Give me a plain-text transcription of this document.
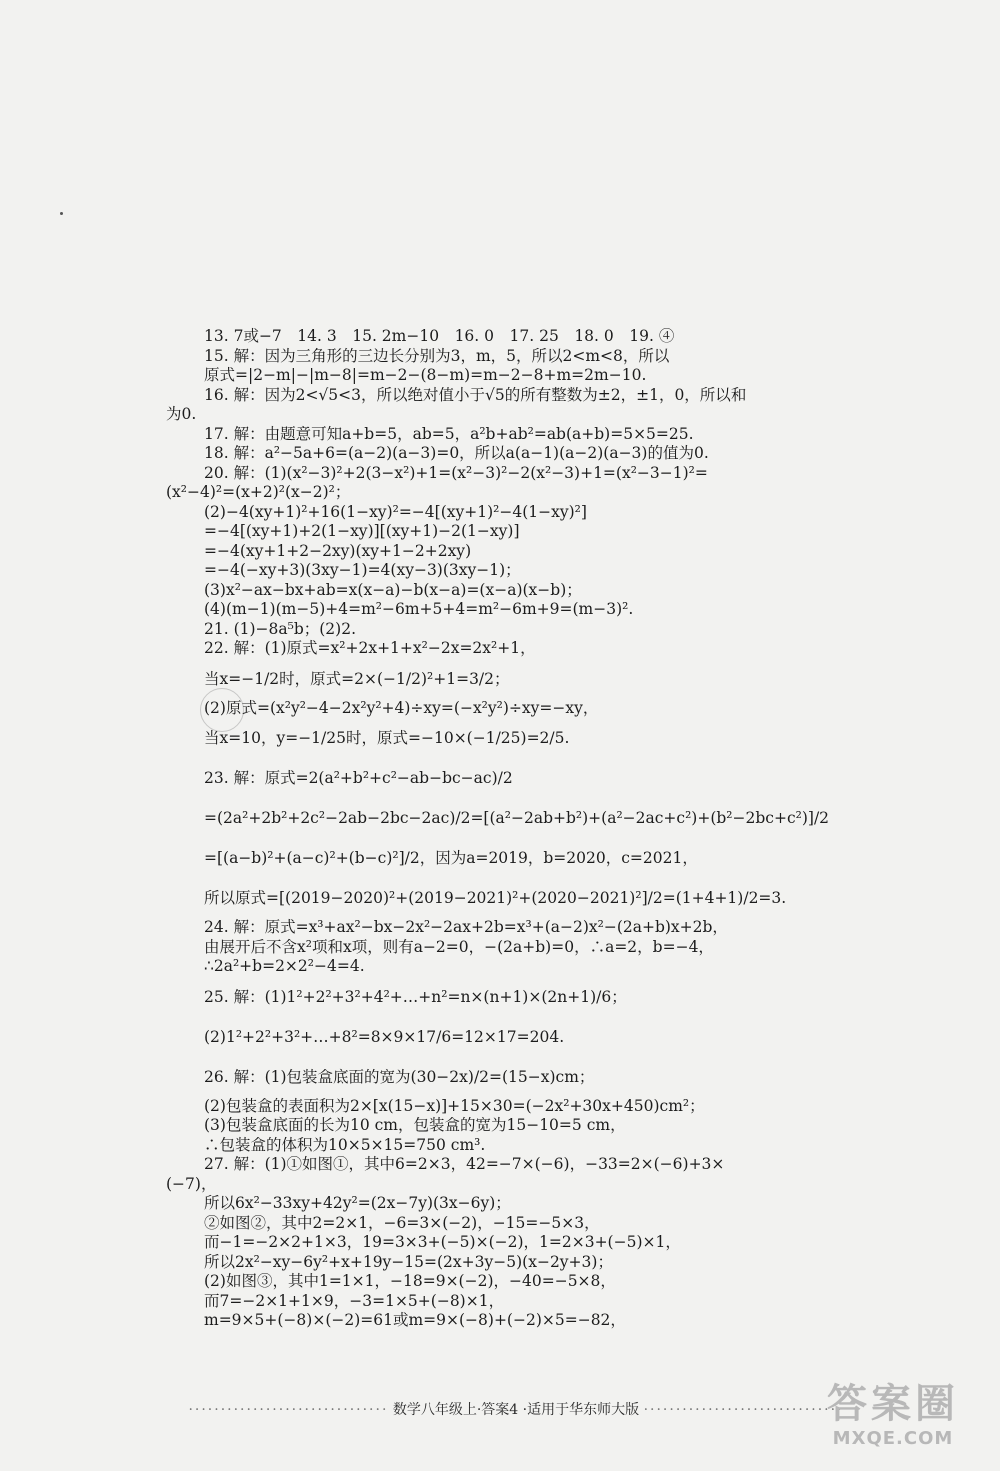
13. 7或−7　14. 3　15. 2m−10　16. 0　17. 25　18. 0　19. ④
15. 解：因为三角形的三边长分别为3，m，5，所以2<m<8，所以
原式=|2−m|−|m−8|=m−2−(8−m)=m−2−8+m=2m−10.
16. 解：因为2<√5<3，所以绝对值小于√5的所有整数为±2，±1，0，所以和
为0.
17. 解：由题意可知a+b=5，ab=5，a²b+ab²=ab(a+b)=5×5=25.
18. 解：a²−5a+6=(a−2)(a−3)=0，所以a(a−1)(a−2)(a−3)的值为0.
20. 解：(1)(x²−3)²+2(3−x²)+1=(x²−3)²−2(x²−3)+1=(x²−3−1)²=
(x²−4)²=(x+2)²(x−2)²；
(2)−4(xy+1)²+16(1−xy)²=−4[(xy+1)²−4(1−xy)²]
=−4[(xy+1)+2(1−xy)][(xy+1)−2(1−xy)]
=−4(xy+1+2−2xy)(xy+1−2+2xy)
=−4(−xy+3)(3xy−1)=4(xy−3)(3xy−1)；
(3)x²−ax−bx+ab=x(x−a)−b(x−a)=(x−a)(x−b)；
(4)(m−1)(m−5)+4=m²−6m+5+4=m²−6m+9=(m−3)².
21. (1)−8a⁵b；(2)2.
22. 解：(1)原式=x²+2x+1+x²−2x=2x²+1，
当x=−1/2时，原式=2×(−1/2)²+1=3/2；
(2)原式=(x²y²−4−2x²y²+4)÷xy=(−x²y²)÷xy=−xy，
当x=10，y=−1/25时，原式=−10×(−1/25)=2/5.
23. 解：原式=2(a²+b²+c²−ab−bc−ac)/2
=(2a²+2b²+2c²−2ab−2bc−2ac)/2=[(a²−2ab+b²)+(a²−2ac+c²)+(b²−2bc+c²)]/2
=[(a−b)²+(a−c)²+(b−c)²]/2，因为a=2019，b=2020，c=2021，
所以原式=[(2019−2020)²+(2019−2021)²+(2020−2021)²]/2=(1+4+1)/2=3.
24. 解：原式=x³+ax²−bx−2x²−2ax+2b=x³+(a−2)x²−(2a+b)x+2b，
由展开后不含x²项和x项，则有a−2=0，−(2a+b)=0，∴a=2，b=−4，
∴2a²+b=2×2²−4=4.
25. 解：(1)1²+2²+3²+4²+…+n²=n×(n+1)×(2n+1)/6；
(2)1²+2²+3²+…+8²=8×9×17/6=12×17=204.
26. 解：(1)包装盒底面的宽为(30−2x)/2=(15−x)cm；
(2)包装盒的表面积为2×[x(15−x)]+15×30=(−2x²+30x+450)cm²；
(3)包装盒底面的长为10 cm，包装盒的宽为15−10=5 cm，
∴包装盒的体积为10×5×15=750 cm³.
27. 解：(1)①如图①，其中6=2×3，42=−7×(−6)，−33=2×(−6)+3×
(−7)，
所以6x²−33xy+42y²=(2x−7y)(3x−6y)；
②如图②，其中2=2×1，−6=3×(−2)，−15=−5×3，
而−1=−2×2+1×3，19=3×3+(−5)×(−2)，1=2×3+(−5)×1，
所以2x²−xy−6y²+x+19y−15=(2x+3y−5)(x−2y+3)；
(2)如图③，其中1=1×1，−18=9×(−2)，−40=−5×8，
而7=−2×1+1×9，−3=1×5+(−8)×1，
m=9×5+(−8)×(−2)=61或m=9×(−8)+(−2)×5=−82，
······························· 数学八年级上·答案4 ·适用于华东师大版 ·······························
答案圈
MXQE.COM
